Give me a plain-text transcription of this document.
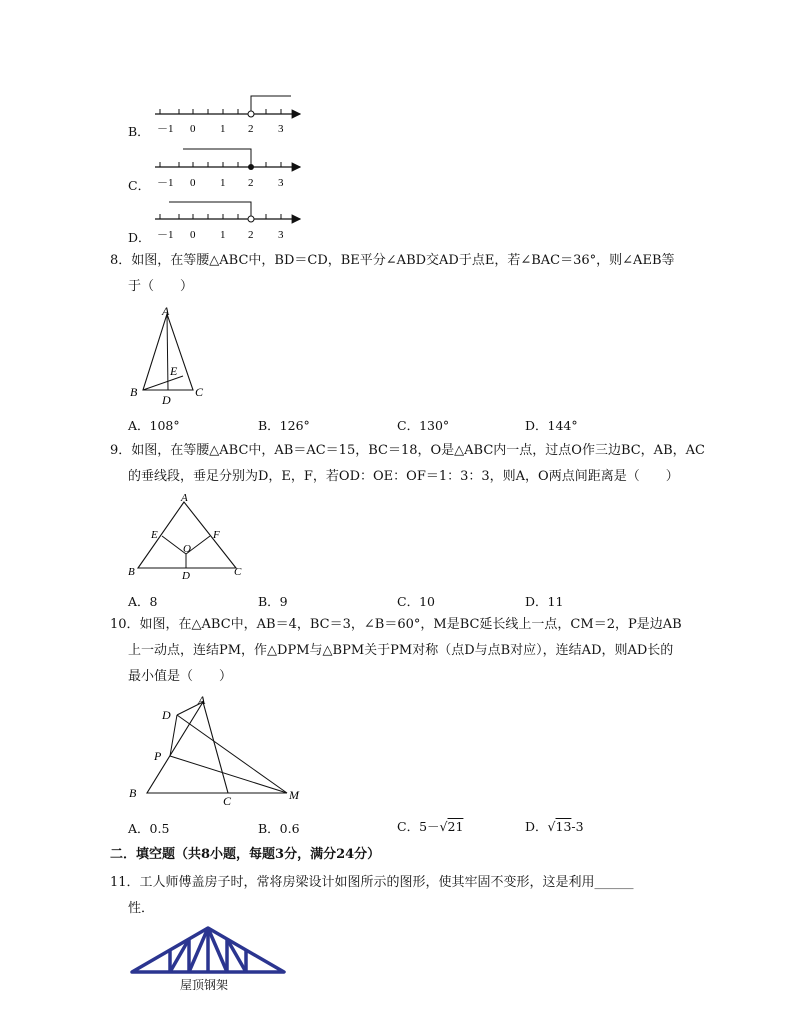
B．
C．
D．
－1 0 1 2 3
－1 0 1 2 3
－1 0 1 2 3
8．如图，在等腰△ABC中，BD＝CD，BE平分∠ABD交AD于点E，若∠BAC＝36°，则∠AEB等
于（　　）
A
B	C
D
E
A．108°	B．126°	C．130°	D．144°
9．如图，在等腰△ABC中，AB＝AC＝15，BC＝18，O是△ABC内一点，过点O作三边BC，AB，AC
的垂线段，垂足分别为D，E，F，若OD：OE：OF＝1：3：3，则A，O两点间距离是（　　）
A
B	C
D
E	F
O
A．8	B．9	C．10	D．11
10．如图，在△ABC中，AB＝4，BC＝3，∠B＝60°，M是BC延长线上一点，CM＝2，P是边AB
上一动点，连结PM，作△DPM与△BPM关于PM对称（点D与点B对应），连结AD，则AD长的
最小值是（　　）
A
D
P
B
C	M
A．0.5	B．0.6	C．5－√21	D．√13-3
二．填空题（共8小题，每题3分，满分24分）
11．工人师傅盖房子时，常将房梁设计如图所示的图形，使其牢固不变形，这是利用______
性．
屋顶钢架
